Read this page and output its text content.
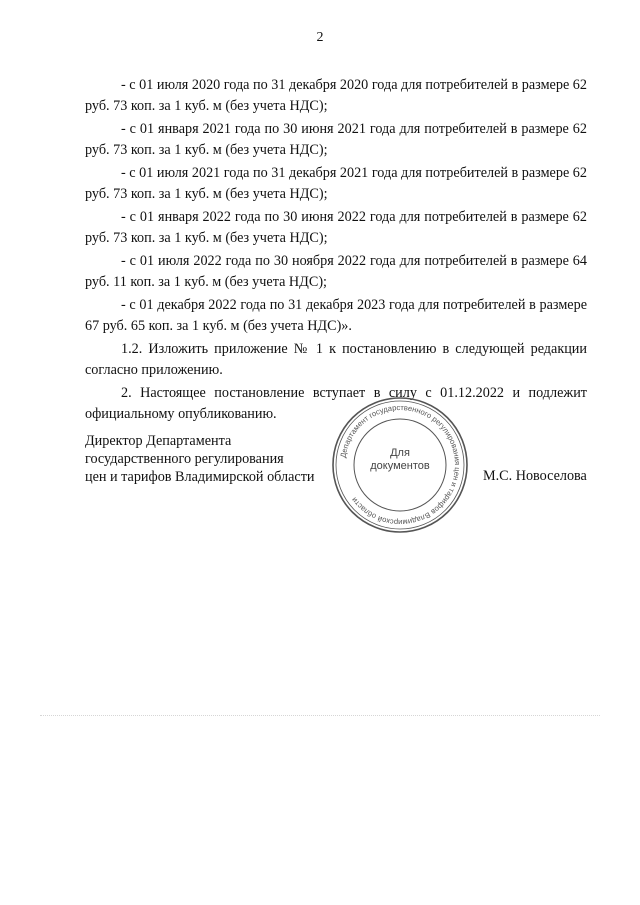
2

- с 01 июля 2020 года по 31 декабря 2020 года для потребителей в размере 62 руб. 73 коп. за 1 куб. м (без учета НДС);

- с 01 января 2021 года по 30 июня 2021 года для потребителей в размере 62 руб. 73 коп. за 1 куб. м (без учета НДС);

- с 01 июля 2021 года по 31 декабря 2021 года для потребителей в размере 62 руб. 73 коп. за 1 куб. м (без учета НДС);

- с 01 января 2022 года по 30 июня 2022 года для потребителей в размере 62 руб. 73 коп. за 1 куб. м (без учета НДС);

- с 01 июля 2022 года по 30 ноября 2022 года для потребителей в размере 64 руб. 11 коп. за 1 куб. м (без учета НДС);

- с 01 декабря 2022 года по 31 декабря 2023 года для потребителей в размере 67 руб. 65 коп. за 1 куб. м (без учета НДС)».

1.2. Изложить приложение № 1 к постановлению в следующей редакции согласно приложению.

2. Настоящее постановление вступает в силу с 01.12.2022 и подлежит официальному опубликованию.

Директор Департамента
государственного регулирования
цен и тарифов Владимирской области
Департамент государственного регулирования цен и тарифов Владимирской области
Для
документов
М.С. Новоселова
